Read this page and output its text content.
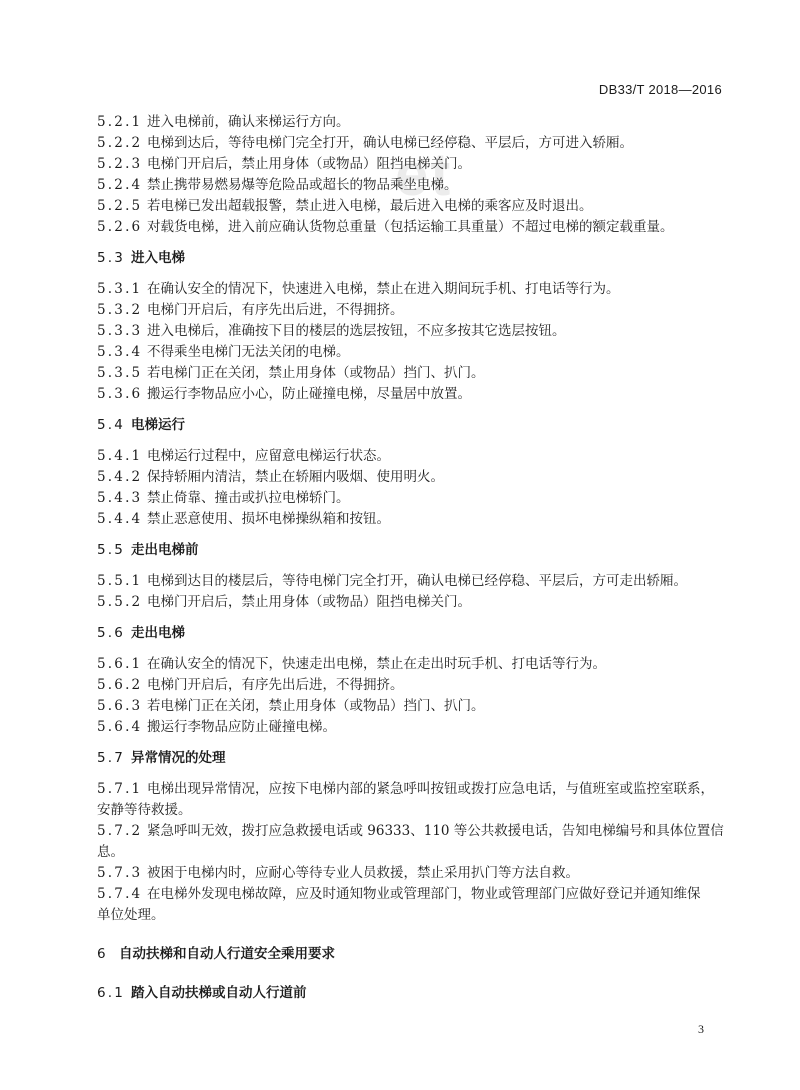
DB33/T 2018—2016
et
5.2.1 进入电梯前，确认来梯运行方向。
5.2.2 电梯到达后，等待电梯门完全打开，确认电梯已经停稳、平层后，方可进入轿厢。
5.2.3 电梯门开启后，禁止用身体（或物品）阻挡电梯关门。
5.2.4 禁止携带易燃易爆等危险品或超长的物品乘坐电梯。
5.2.5 若电梯已发出超载报警，禁止进入电梯，最后进入电梯的乘客应及时退出。
5.2.6 对载货电梯，进入前应确认货物总重量（包括运输工具重量）不超过电梯的额定载重量。
5.3 进入电梯
5.3.1 在确认安全的情况下，快速进入电梯，禁止在进入期间玩手机、打电话等行为。
5.3.2 电梯门开启后，有序先出后进，不得拥挤。
5.3.3 进入电梯后，准确按下目的楼层的选层按钮，不应多按其它选层按钮。
5.3.4 不得乘坐电梯门无法关闭的电梯。
5.3.5 若电梯门正在关闭，禁止用身体（或物品）挡门、扒门。
5.3.6 搬运行李物品应小心，防止碰撞电梯，尽量居中放置。
5.4 电梯运行
5.4.1 电梯运行过程中，应留意电梯运行状态。
5.4.2 保持轿厢内清洁，禁止在轿厢内吸烟、使用明火。
5.4.3 禁止倚靠、撞击或扒拉电梯轿门。
5.4.4 禁止恶意使用、损坏电梯操纵箱和按钮。
5.5 走出电梯前
5.5.1 电梯到达目的楼层后，等待电梯门完全打开，确认电梯已经停稳、平层后，方可走出轿厢。
5.5.2 电梯门开启后，禁止用身体（或物品）阻挡电梯关门。
5.6 走出电梯
5.6.1 在确认安全的情况下，快速走出电梯，禁止在走出时玩手机、打电话等行为。
5.6.2 电梯门开启后，有序先出后进，不得拥挤。
5.6.3 若电梯门正在关闭，禁止用身体（或物品）挡门、扒门。
5.6.4 搬运行李物品应防止碰撞电梯。
5.7 异常情况的处理
5.7.1 电梯出现异常情况，应按下电梯内部的紧急呼叫按钮或拨打应急电话，与值班室或监控室联系，
安静等待救援。
5.7.2 紧急呼叫无效，拨打应急救援电话或 96333、110 等公共救援电话，告知电梯编号和具体位置信
息。
5.7.3 被困于电梯内时，应耐心等待专业人员救援，禁止采用扒门等方法自救。
5.7.4 在电梯外发现电梯故障，应及时通知物业或管理部门，物业或管理部门应做好登记并通知维保
单位处理。
6 自动扶梯和自动人行道安全乘用要求
6.1 踏入自动扶梯或自动人行道前
3
